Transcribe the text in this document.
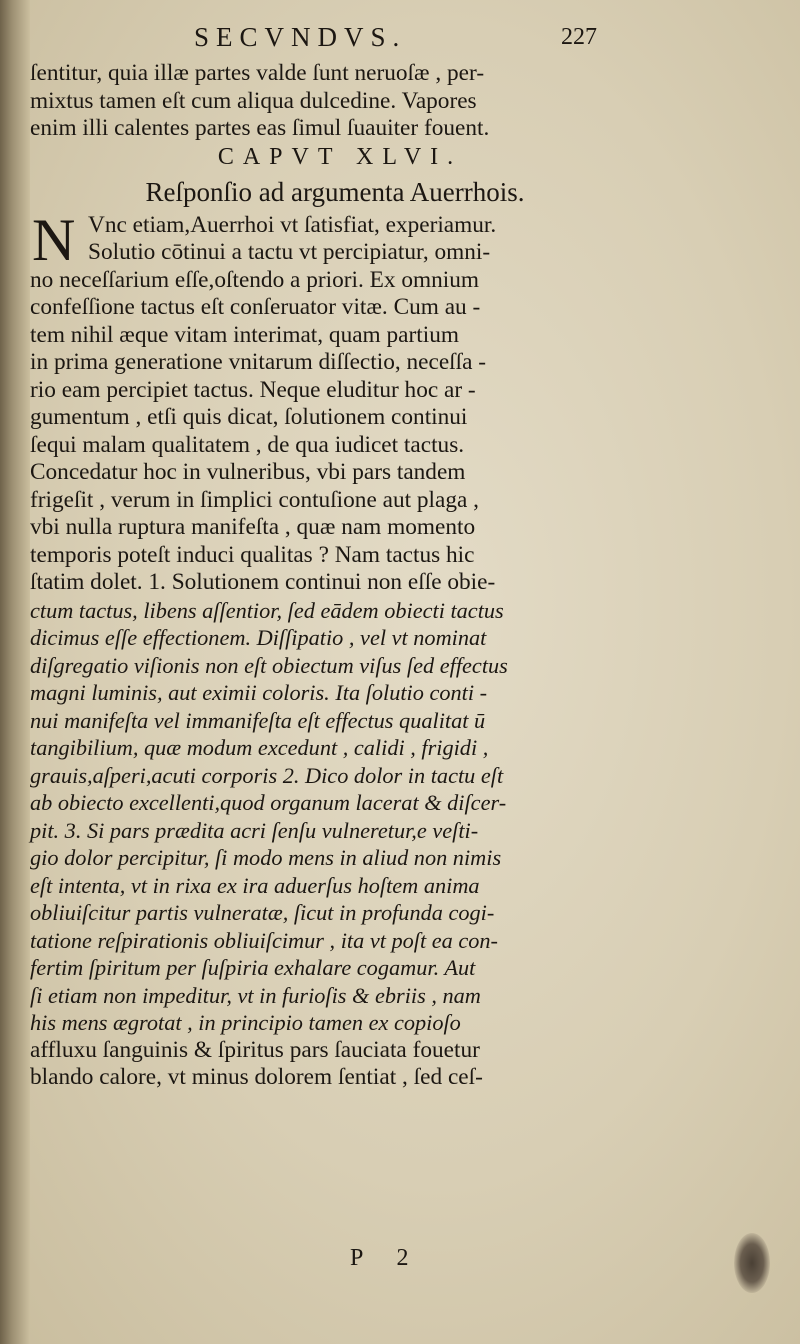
SECVNDVS.	227
ſentitur, quia illæ partes valde ſunt neruoſæ , per-
mixtus tamen eſt cum aliqua dulcedine. Vapores
enim illi calentes partes eas ſimul ſuauiter fouent.
CAPVT XLVI.
Reſponſio ad argumenta Auerrhois.
N Vnc etiam,Auerrhoi vt ſatisfiat, experiamur.
Solutio cōtinui a tactu vt percipiatur, omni-
no neceſſarium eſſe,oſtendo a priori. Ex omnium
confeſſione tactus eſt conſeruator vitæ. Cum au -
tem nihil æque vitam interimat, quam partium
in prima generatione vnitarum diſſectio, neceſſa -
rio eam percipiet tactus. Neque eluditur hoc ar -
gumentum , etſi quis dicat, ſolutionem continui
ſequi malam qualitatem , de qua iudicet tactus.
Concedatur hoc in vulneribus, vbi pars tandem
frigeſit , verum in ſimplici contuſione aut plaga ,
vbi nulla ruptura manifeſta , quæ nam momento
temporis poteſt induci qualitas ? Nam tactus hic
ſtatim dolet. 1. Solutionem continui non eſſe obie-
ctum tactus, libens aſſentior, ſed eādem obiecti tactus
dicimus eſſe effectionem. Diſſipatio , vel vt nominat
diſgregatio viſionis non eſt obiectum viſus ſed effectus
magni luminis, aut eximii coloris. Ita ſolutio conti -
nui manifeſta vel immanifeſta eſt effectus qualitat ū
tangibilium, quæ modum excedunt , calidi , frigidi ,
grauis,aſperi,acuti corporis 2. Dico dolor in tactu eſt
ab obiecto excellenti,quod organum lacerat & diſcer-
pit. 3. Si pars prædita acri ſenſu vulneretur,e veſti-
gio dolor percipitur, ſi modo mens in aliud non nimis
eſt intenta, vt in rixa ex ira aduerſus hoſtem anima
obliuiſcitur partis vulneratæ, ſicut in profunda cogi-
tatione reſpirationis obliuiſcimur , ita vt poſt ea con-
fertim ſpiritum per ſuſpiria exhalare cogamur. Aut
ſi etiam non impeditur, vt in furioſis & ebriis , nam
his mens ægrotat , in principio tamen ex copioſo
affluxu ſanguinis & ſpiritus pars ſauciata fouetur
blando calore, vt minus dolorem ſentiat , ſed ceſ-
P 2
